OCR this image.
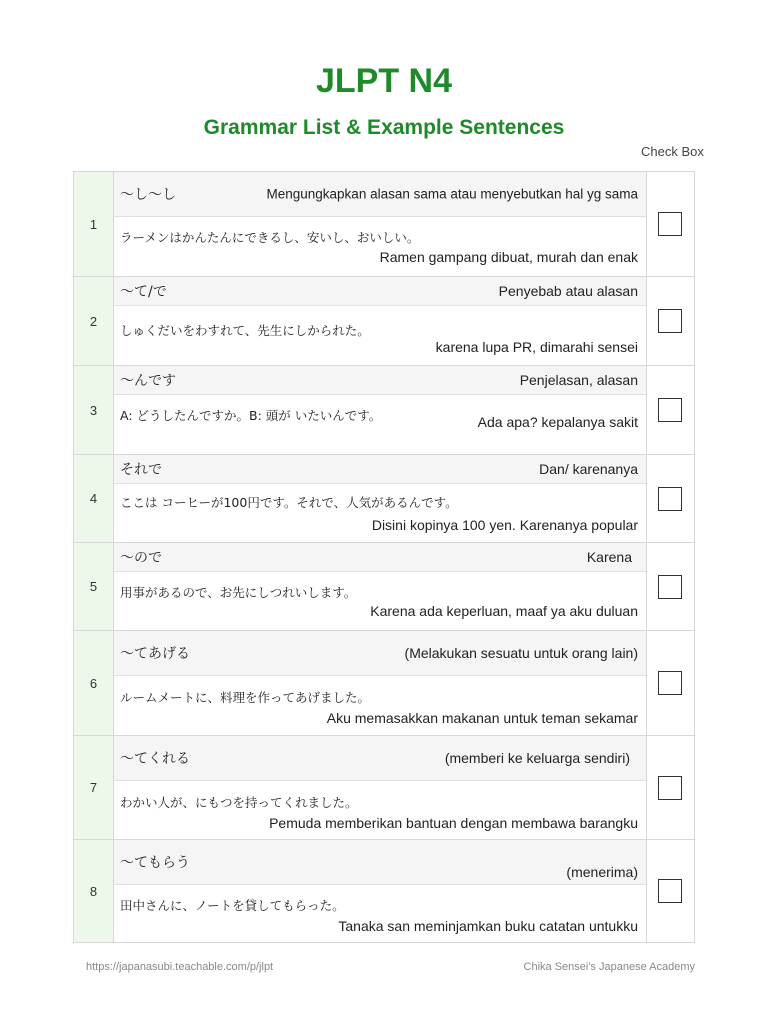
JLPT N4
Grammar List & Example Sentences
Check Box
1
〜し〜し	Mengungkapkan alasan sama atau menyebutkan hal yg sama
ラーメンはかんたんにできるし、安いし、おいしい。
Ramen gampang dibuat, murah dan enak
2
〜て/で	Penyebab atau alasan
しゅくだいをわすれて、先生にしかられた。
karena lupa PR, dimarahi sensei
3
〜んです	Penjelasan, alasan
A: どうしたんですか。B: 頭が いたいんです。	Ada apa? kepalanya sakit
4
それで	Dan/ karenanya
ここは コーヒーが100円です。それで、人気があるんです。
Disini kopinya 100 yen. Karenanya popular
5
〜ので	Karena
用事があるので、お先にしつれいします。
Karena ada keperluan, maaf ya aku duluan
6
〜てあげる	(Melakukan sesuatu untuk orang lain)
ルームメートに、料理を作ってあげました。
Aku memasakkan makanan untuk teman sekamar
7
〜てくれる	(memberi ke keluarga sendiri)
わかい人が、にもつを持ってくれました。
Pemuda memberikan bantuan dengan membawa barangku
8
〜てもらう
(menerima)
田中さんに、ノートを貸してもらった。
Tanaka san meminjamkan buku catatan untukku
https://japanasubi.teachable.com/p/jlpt	Chika Sensei's Japanese Academy
